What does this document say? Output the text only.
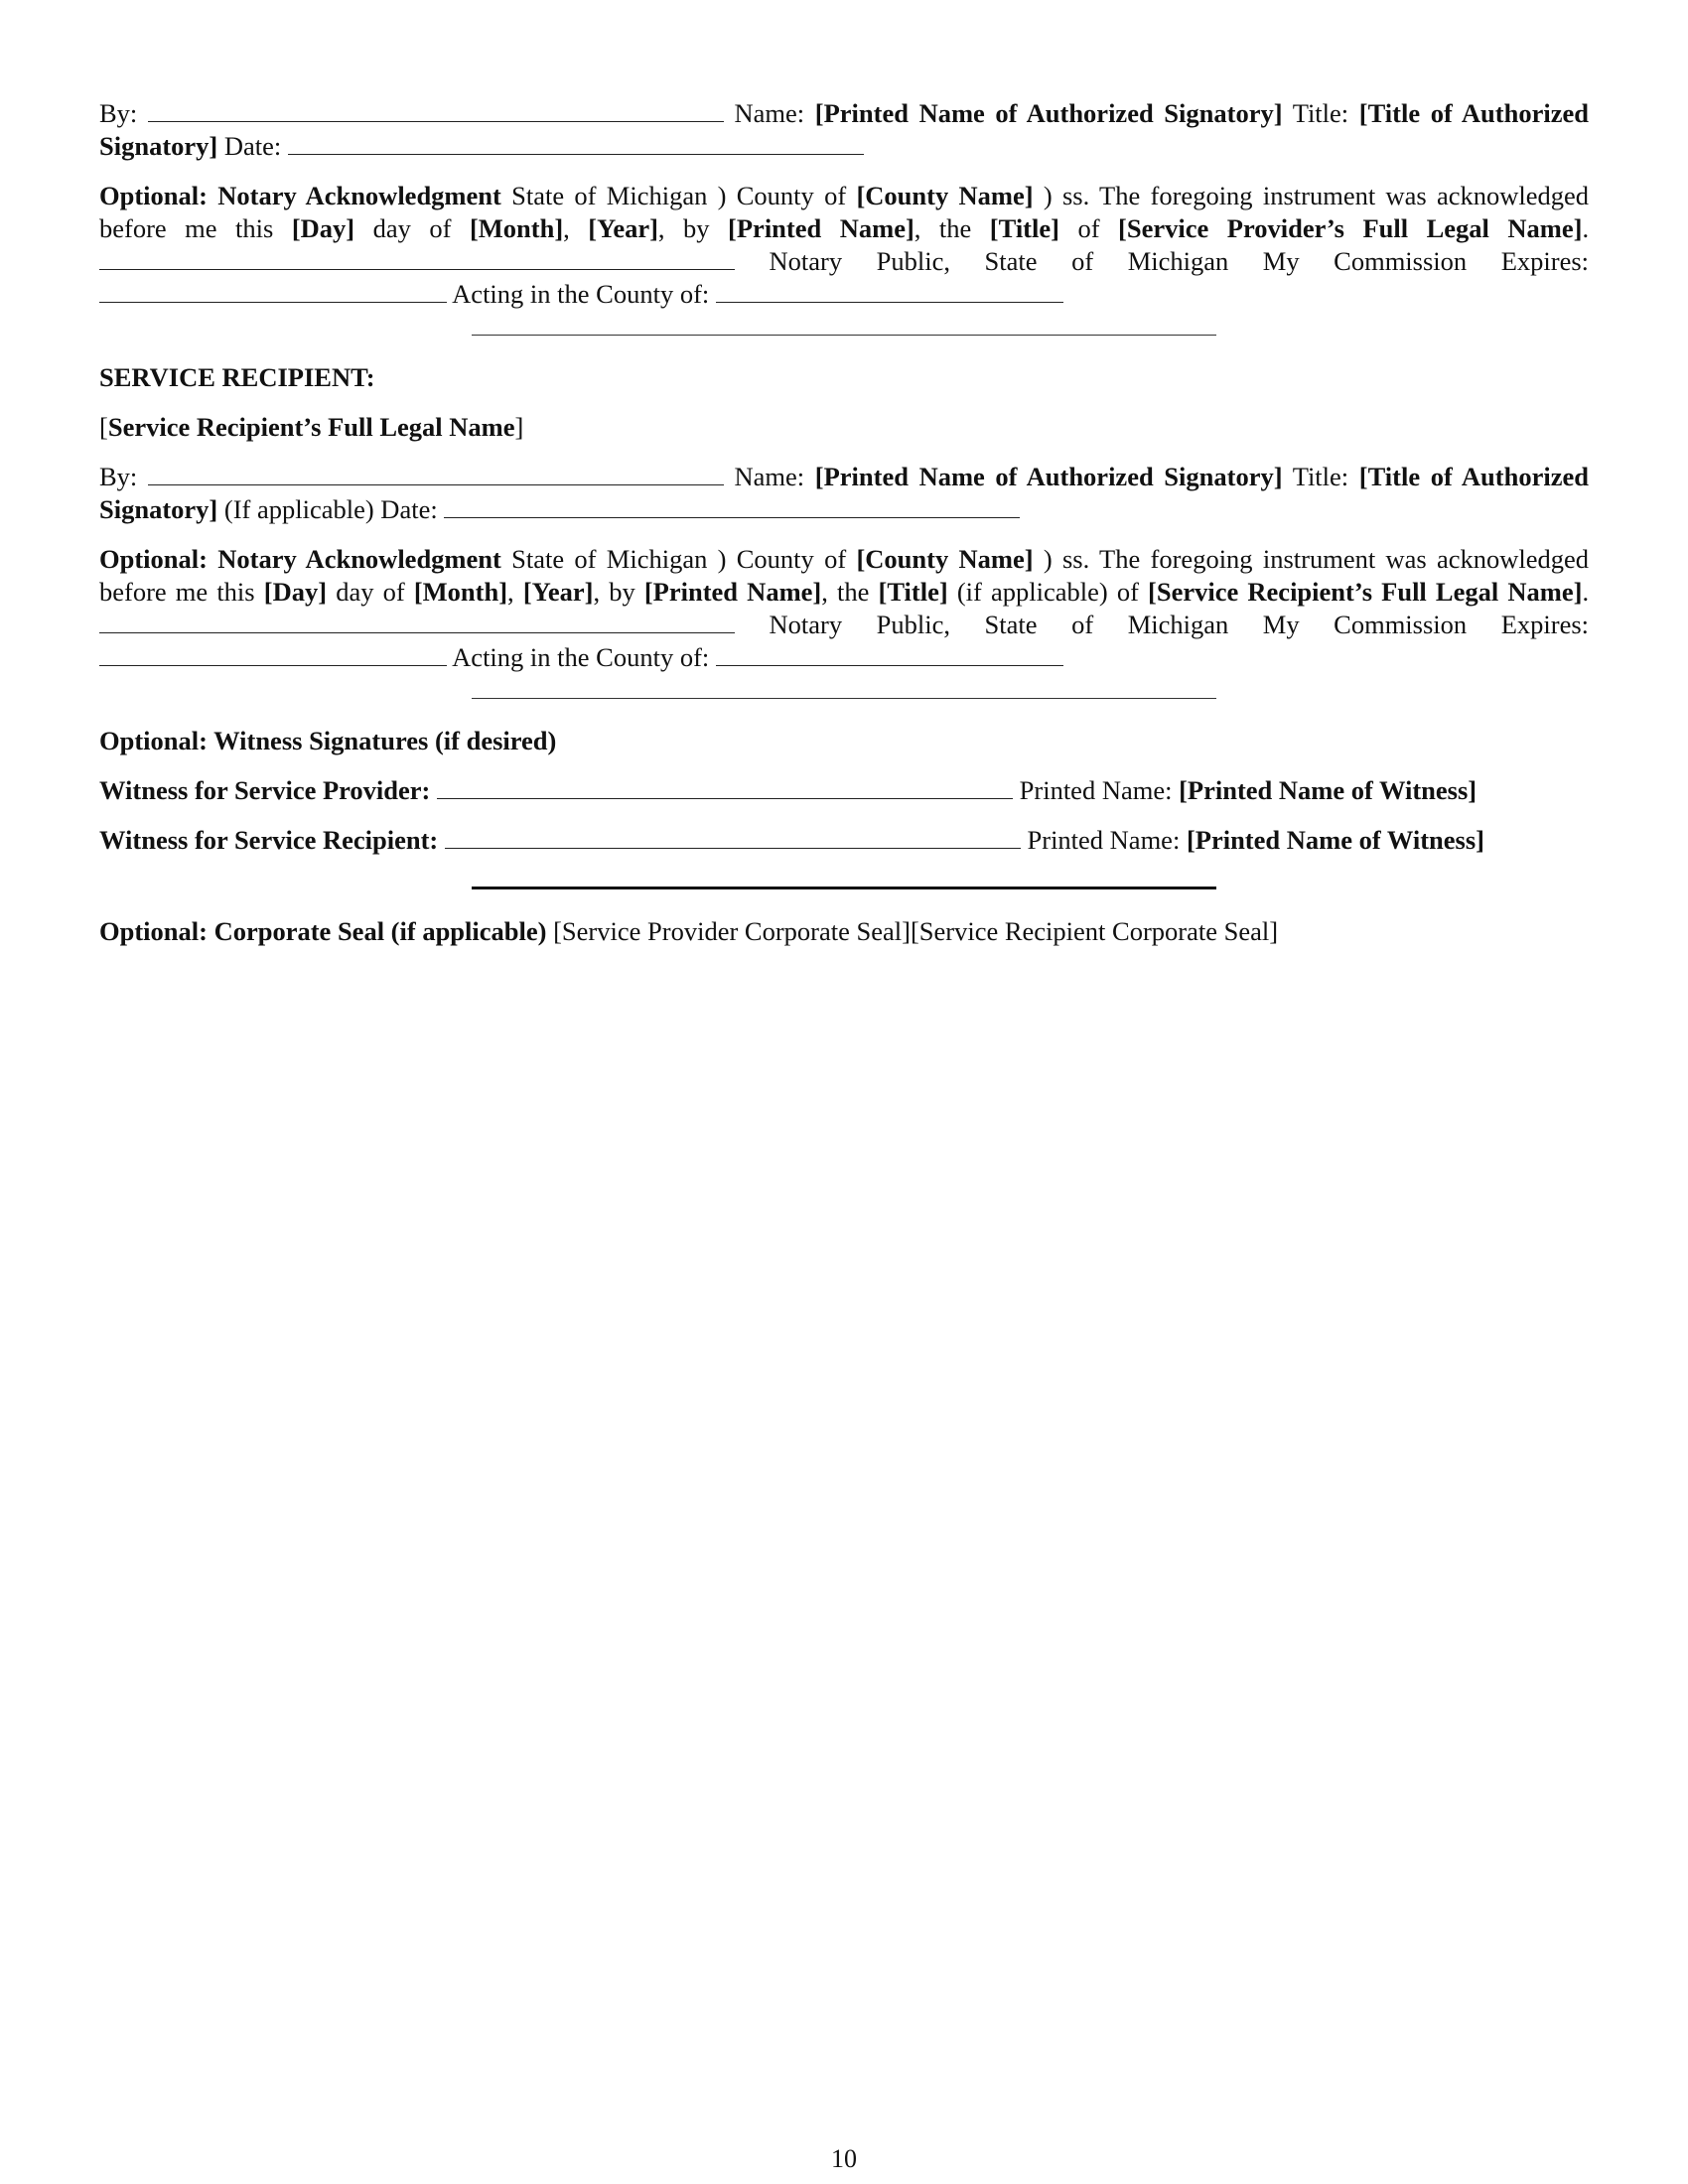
By:	Name: [Printed Name of Authorized Signatory] Title: [Title of Authorized Signatory] Date:

Optional: Notary Acknowledgment State of Michigan ) County of [County Name] ) ss. The foregoing instrument was acknowledged before me this [Day] day of [Month], [Year], by [Printed Name], the [Title] of [Service Provider’s Full Legal Name].  Notary Public, State of Michigan My Commission Expires:  Acting in the County of:

SERVICE RECIPIENT:

[Service Recipient’s Full Legal Name]

By:	Name: [Printed Name of Authorized Signatory] Title: [Title of Authorized Signatory] (If applicable) Date:

Optional: Notary Acknowledgment State of Michigan ) County of [County Name] ) ss. The foregoing instrument was acknowledged before me this [Day] day of [Month], [Year], by [Printed Name], the [Title] (if applicable) of [Service Recipient’s Full Legal Name].  Notary Public, State of Michigan My Commission Expires:  Acting in the County of:

Optional: Witness Signatures (if desired)

Witness for Service Provider:	Printed Name: [Printed Name of Witness]

Witness for Service Recipient:	Printed Name: [Printed Name of Witness]

Optional: Corporate Seal (if applicable) [Service Provider Corporate Seal][Service Recipient Corporate Seal]

10
